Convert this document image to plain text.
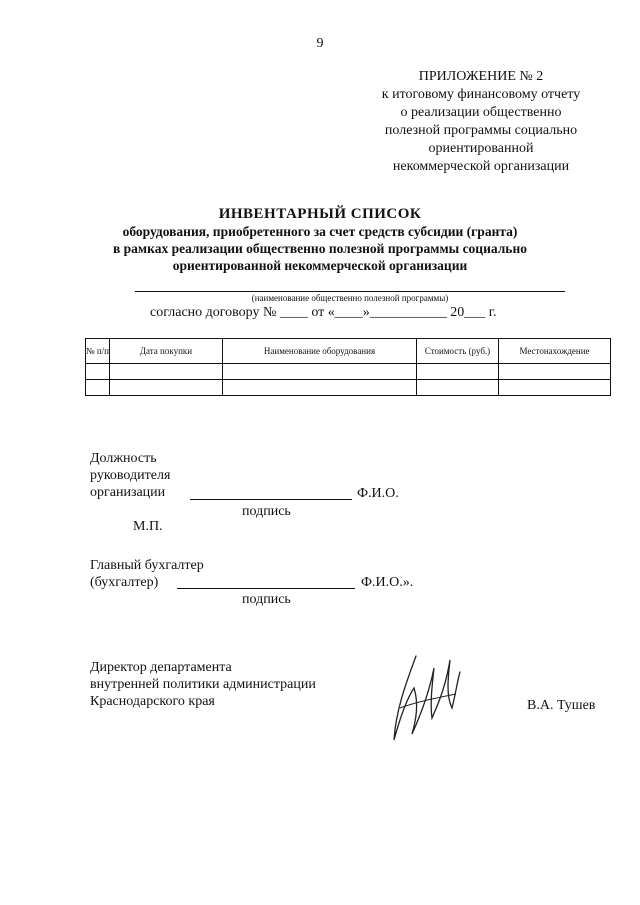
9
ПРИЛОЖЕНИЕ № 2
к итоговому финансовому отчету
о реализации общественно
полезной программы социально
ориентированной
некоммерческой организации
ИНВЕНТАРНЫЙ СПИСОК
оборудования, приобретенного за счет средств субсидии (гранта)
в рамках реализации общественно полезной программы социально
ориентированной некоммерческой организации
(наименование общественно полезной программы)
согласно договору № ____ от «____»___________ 20___ г.
№ п/п	Дата покупки	Наименование оборудования	Стоимость (руб.)	Местонахождение

Должность
руководителя
организации	Ф.И.О.
подпись
М.П.
Главный бухгалтер
(бухгалтер)	Ф.И.О.».
подпись
Директор департамента
внутренней политики администрации
Краснодарского края	В.А. Тушев
